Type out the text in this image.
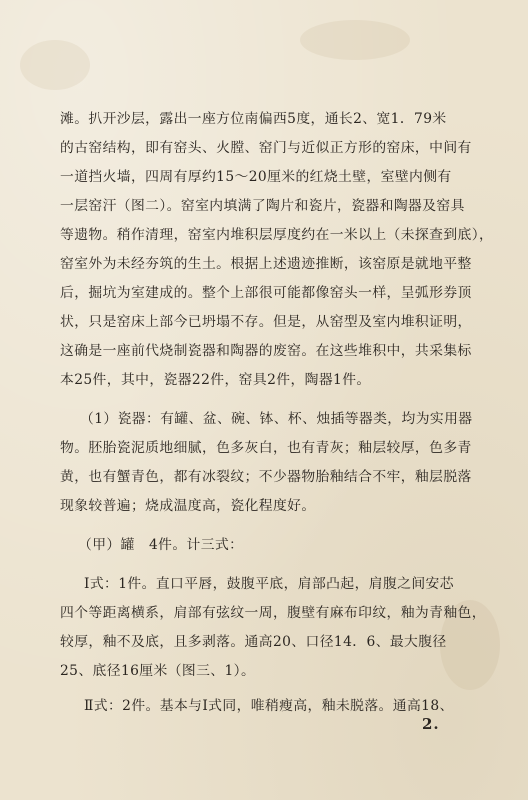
滩。扒开沙层，露出一座方位南偏西5度，通长2、宽1．79米
的古窑结构，即有窑头、火膛、窑门与近似正方形的窑床，中间有
一道挡火墙，四周有厚约15～20厘米的红烧土壁，室壁内侧有
一层窑汗（图二）。窑室内填满了陶片和瓷片，瓷器和陶器及窑具
等遗物。稍作清理，窑室内堆积层厚度约在一米以上（未探查到底），
窑室外为未经夯筑的生土。根据上述遗迹推断，该窑原是就地平整
后，掘坑为室建成的。整个上部很可能都像窑头一样，呈弧形券顶
状，只是窑床上部今已坍塌不存。但是，从窑型及室内堆积证明，
这确是一座前代烧制瓷器和陶器的废窑。在这些堆积中，共采集标
本25件，其中，瓷器22件，窑具2件，陶器1件。
（1）瓷器：有罐、盆、碗、钵、杯、烛插等器类，均为实用器
物。胚胎瓷泥质地细腻，色多灰白，也有青灰；釉层较厚，色多青
黄，也有蟹青色，都有冰裂纹；不少器物胎釉结合不牢，釉层脱落
现象较普遍；烧成温度高，瓷化程度好。
（甲）罐　4件。计三式：
Ⅰ式：1件。直口平唇，鼓腹平底，肩部凸起，肩腹之间安芯
四个等距离横系，肩部有弦纹一周，腹壁有麻布印纹，釉为青釉色，
较厚，釉不及底，且多剥落。通高20、口径14．6、最大腹径
25、底径16厘米（图三、1）。
Ⅱ式：2件。基本与Ⅰ式同，唯稍瘦高，釉未脱落。通高18、
2.
